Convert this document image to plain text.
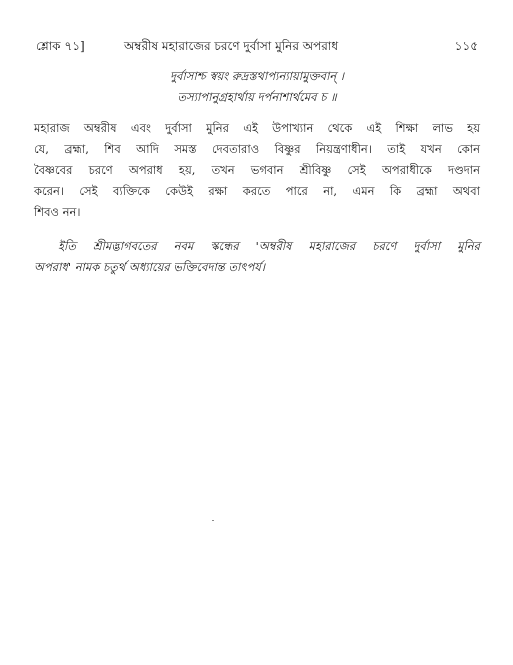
শ্লোক ৭১]	অম্বরীষ মহারাজের চরণে দুর্বাসা মুনির অপরাধ	১১৫
দুর্বাসাশ্চ স্বয়ং রুদ্রস্তথাপ্যন্যায়ামুক্তবান্ ।
তস্যাপানুগ্রহার্থায় দর্পনাশার্থমেব চ ॥
মহারাজ অম্বরীষ এবং দুর্বাসা মুনির এই উপাখ্যান থেকে এই শিক্ষা লাভ হয়
যে, ব্রহ্মা, শিব আদি সমস্ত দেবতারাও বিষ্ণুর নিয়ন্ত্রণাধীন। তাই যখন কোন
বৈষ্ণবের চরণে অপরাধ হয়, তখন ভগবান শ্রীবিষ্ণু সেই অপরাধীকে দণ্ডদান
করেন। সেই ব্যক্তিকে কেউই রক্ষা করতে পারে না, এমন কি ব্রহ্মা অথবা
শিবও নন।
ইতি শ্রীমদ্ভাগবতের নবম স্কন্ধের 'অম্বরীষ মহারাজের চরণে দুর্বাসা মুনির
অপরাধ' নামক চতুর্থ অধ্যায়ের ভক্তিবেদান্ত তাৎপর্য।
